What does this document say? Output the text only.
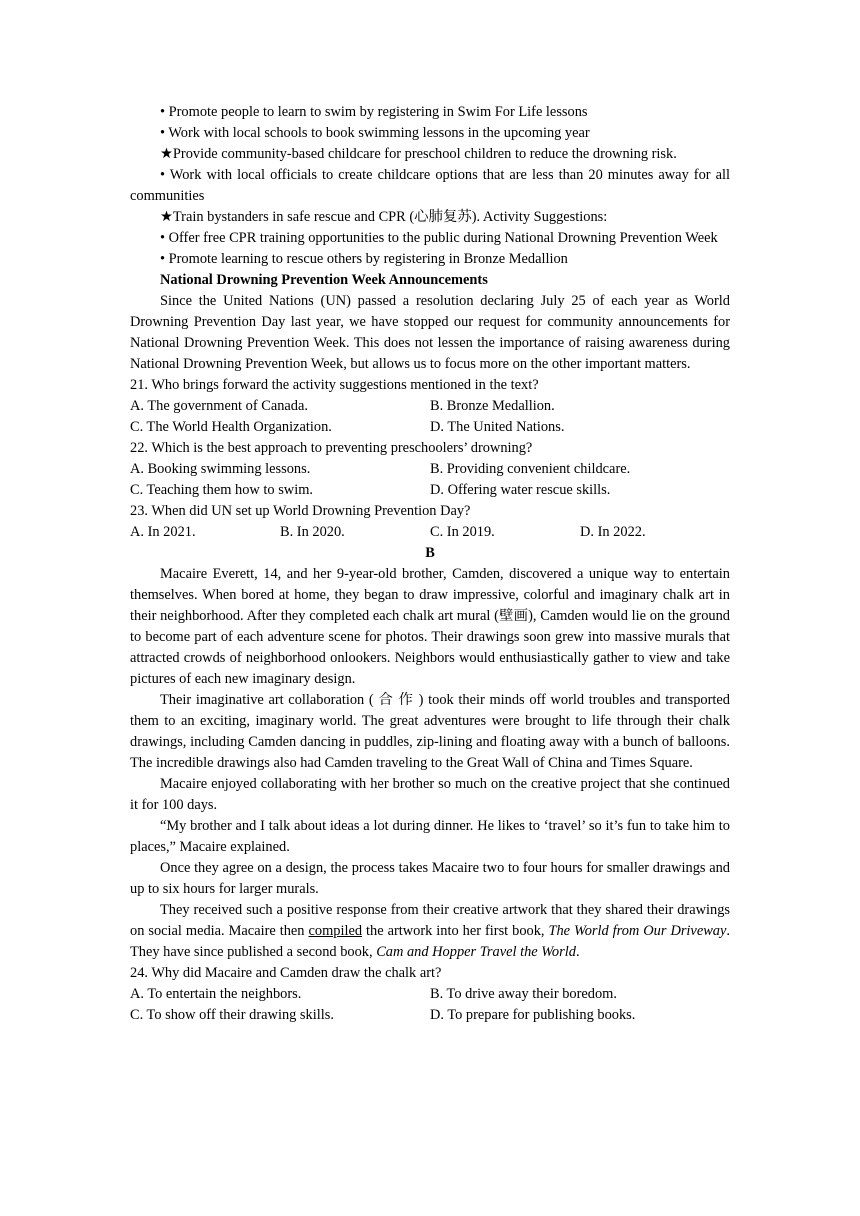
• Promote people to learn to swim by registering in Swim For Life lessons

• Work with local schools to book swimming lessons in the upcoming year

★Provide community-based childcare for preschool children to reduce the drowning risk.

• Work with local officials to create childcare options that are less than 20 minutes away for all communities

★Train bystanders in safe rescue and CPR (心肺复苏). Activity Suggestions:

• Offer free CPR training opportunities to the public during National Drowning Prevention Week

• Promote learning to rescue others by registering in Bronze Medallion

National Drowning Prevention Week Announcements

Since the United Nations (UN) passed a resolution declaring July 25 of each year as World Drowning Prevention Day last year, we have stopped our request for community announcements for National Drowning Prevention Week. This does not lessen the importance of raising awareness during National Drowning Prevention Week, but allows us to focus more on the other important matters.

21. Who brings forward the activity suggestions mentioned in the text?

A. The government of Canada.	B. Bronze Medallion.
C. The World Health Organization.	D. The United Nations.

22. Which is the best approach to preventing preschoolers’ drowning?

A. Booking swimming lessons.	B. Providing convenient childcare.
C. Teaching them how to swim.	D. Offering water rescue skills.

23. When did UN set up World Drowning Prevention Day?

A. In 2021.	B. In 2020.	C. In 2019.	D. In 2022.

B

Macaire Everett, 14, and her 9-year-old brother, Camden, discovered a unique way to entertain themselves. When bored at home, they began to draw impressive, colorful and imaginary chalk art in their neighborhood. After they completed each chalk art mural (壁画), Camden would lie on the ground to become part of each adventure scene for photos. Their drawings soon grew into massive murals that attracted crowds of neighborhood onlookers. Neighbors would enthusiastically gather to view and take pictures of each new imaginary design.

Their imaginative art collaboration ( 合 作 ) took their minds off world troubles and transported them to an exciting, imaginary world. The great adventures were brought to life through their chalk drawings, including Camden dancing in puddles, zip-lining and floating away with a bunch of balloons. The incredible drawings also had Camden traveling to the Great Wall of China and Times Square.

Macaire enjoyed collaborating with her brother so much on the creative project that she continued it for 100 days.

“My brother and I talk about ideas a lot during dinner. He likes to ‘travel’ so it’s fun to take him to places,” Macaire explained.

Once they agree on a design, the process takes Macaire two to four hours for smaller drawings and up to six hours for larger murals.

They received such a positive response from their creative artwork that they shared their drawings on social media. Macaire then compiled the artwork into her first book, The World from Our Driveway. They have since published a second book, Cam and Hopper Travel the World.

24. Why did Macaire and Camden draw the chalk art?

A. To entertain the neighbors.	B. To drive away their boredom.
C. To show off their drawing skills.	D. To prepare for publishing books.
